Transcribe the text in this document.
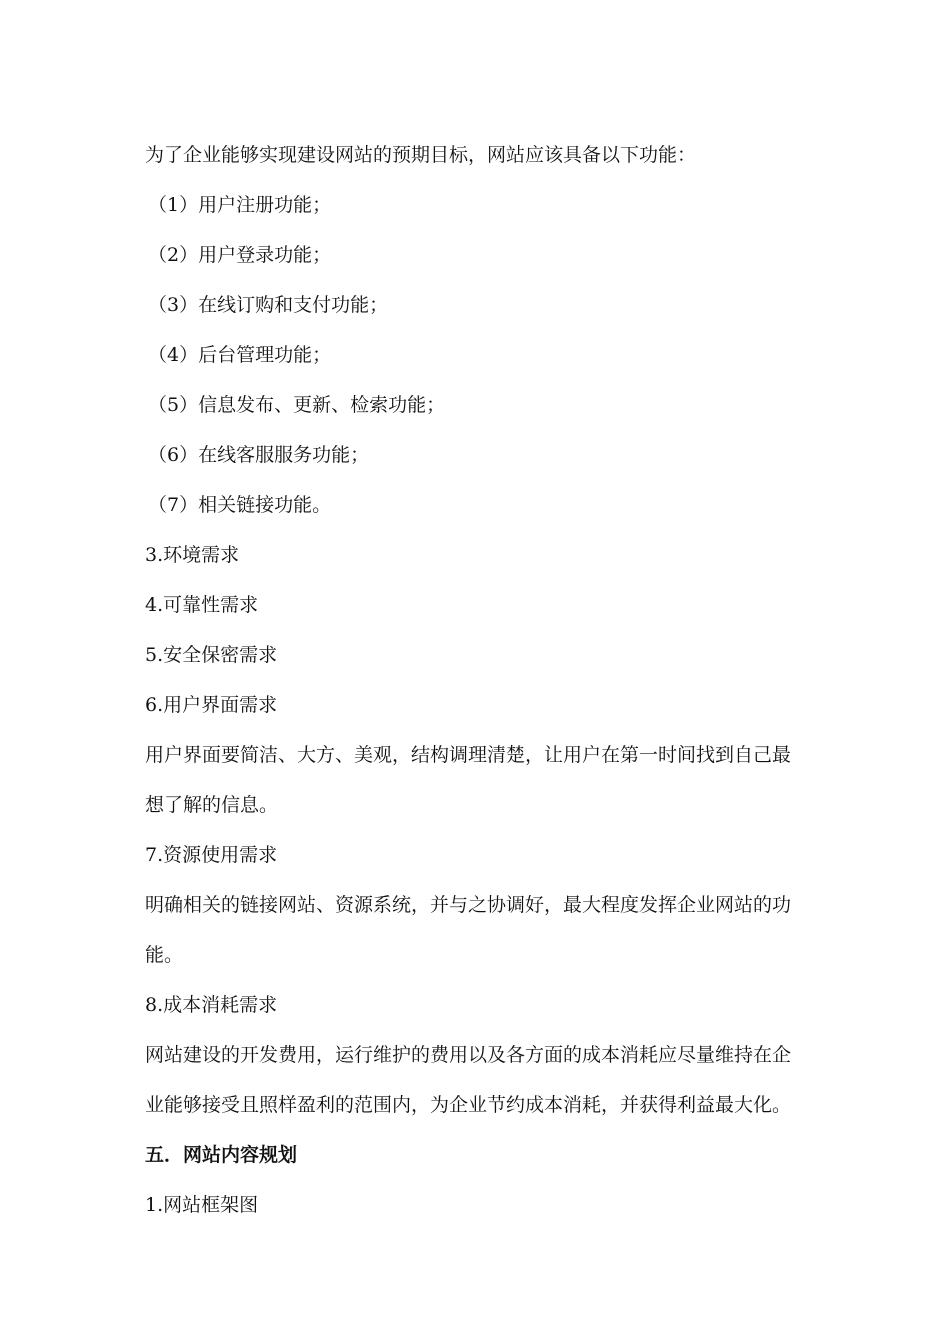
为了企业能够实现建设网站的预期目标，网站应该具备以下功能：
（1）用户注册功能；
（2）用户登录功能；
（3）在线订购和支付功能；
（4）后台管理功能；
（5）信息发布、更新、检索功能；
（6）在线客服服务功能；
（7）相关链接功能。
3.环境需求
4.可靠性需求
5.安全保密需求
6.用户界面需求
用户界面要简洁、大方、美观，结构调理清楚，让用户在第一时间找到自己最
想了解的信息。
7.资源使用需求
明确相关的链接网站、资源系统，并与之协调好，最大程度发挥企业网站的功
能。
8.成本消耗需求
网站建设的开发费用，运行维护的费用以及各方面的成本消耗应尽量维持在企
业能够接受且照样盈利的范围内，为企业节约成本消耗，并获得利益最大化。
五．网站内容规划
1.网站框架图
